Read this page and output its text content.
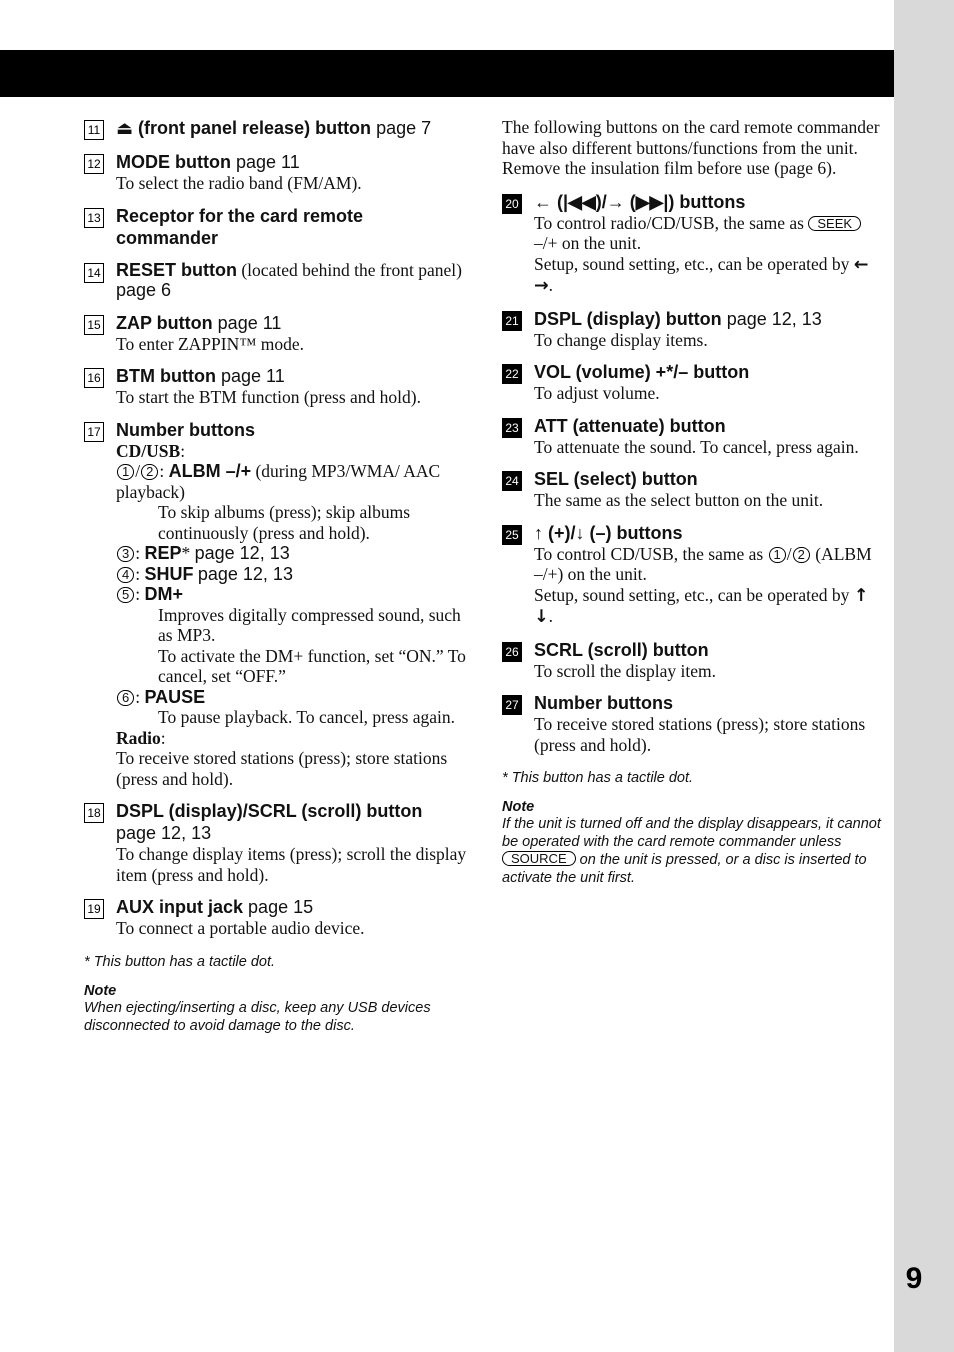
9
11 ⏏ (front panel release) button page 7
12 MODE button page 11
To select the radio band (FM/AM).
13 Receptor for the card remote commander
14 RESET button (located behind the front panel) page 6
15 ZAP button page 11
To enter ZAPPIN™ mode.
16 BTM button page 11
To start the BTM function (press and hold).
17 Number buttons
CD/USB:
1 / 2 : ALBM –/+ (during MP3/WMA/ AAC playback)
To skip albums (press); skip albums continuously (press and hold).
3 : REP* page 12, 13
4 : SHUF page 12, 13
5 : DM+
Improves digitally compressed sound, such as MP3.
To activate the DM+ function, set “ON.” To cancel, set “OFF.”
6 : PAUSE
To pause playback. To cancel, press again.
Radio:
To receive stored stations (press); store stations (press and hold).
18 DSPL (display)/SCRL (scroll) button
page 12, 13
To change display items (press); scroll the display item (press and hold).
19 AUX input jack page 15
To connect a portable audio device.
* This button has a tactile dot.
Note
When ejecting/inserting a disc, keep any USB devices disconnected to avoid damage to the disc.
The following buttons on the card remote commander have also different buttons/functions from the unit. Remove the insulation film before use (page 6).
20 ← (|◀◀)/→ (▶▶|) buttons
To control radio/CD/USB, the same as SEEK –/+ on the unit.
Setup, sound setting, etc., can be operated by ← →.
21 DSPL (display) button page 12, 13
To change display items.
22 VOL (volume) +*/– button
To adjust volume.
23 ATT (attenuate) button
To attenuate the sound. To cancel, press again.
24 SEL (select) button
The same as the select button on the unit.
25 ↑ (+)/↓ (–) buttons
To control CD/USB, the same as 1 / 2 (ALBM –/+) on the unit.
Setup, sound setting, etc., can be operated by ↑ ↓.
26 SCRL (scroll) button
To scroll the display item.
27 Number buttons
To receive stored stations (press); store stations (press and hold).
* This button has a tactile dot.
Note
If the unit is turned off and the display disappears, it cannot be operated with the card remote commander unless SOURCE on the unit is pressed, or a disc is inserted to activate the unit first.
